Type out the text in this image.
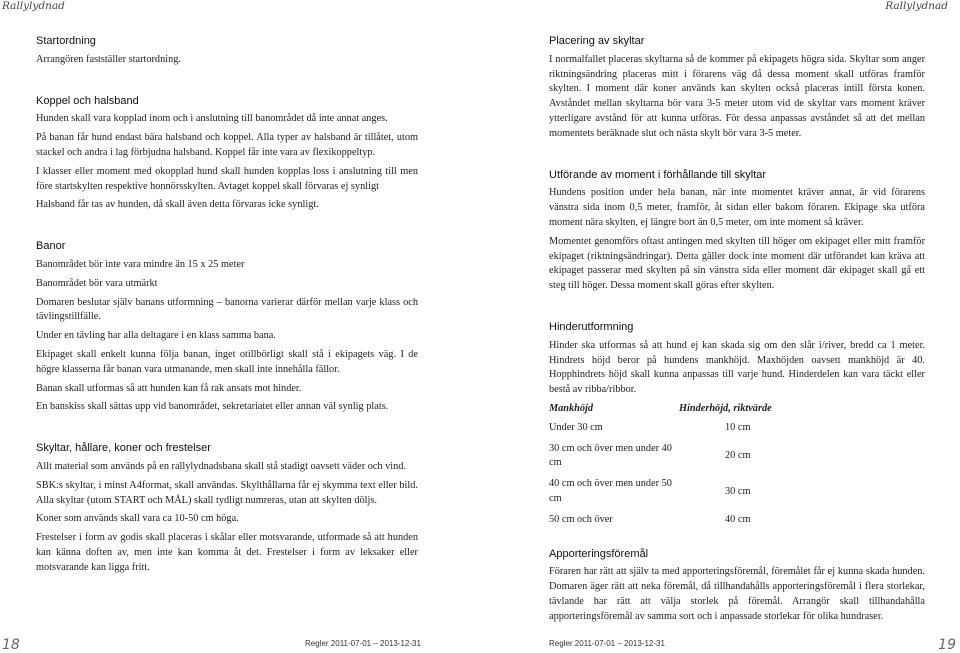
Rallylydnad	Rallylydnad
Startordning

Arrangören fastställer startordning.

Koppel och halsband

Hunden skall vara kopplad inom och i anslutning till banområdet då inte annat anges.

På banan får hund endast bära halsband och koppel. Alla typer av halsband är tillåtet, utom stackel och andra i lag förbjudna halsband. Koppel får inte vara av flexikoppeltyp.

I klasser eller moment med okopplad hund skall hunden kopplas loss i anslutning till men före startskylten respektive honnörsskylten. Avtaget koppel skall förvaras ej synligt

Halsband får tas av hunden, då skall även detta förvaras icke synligt.

Banor

Banområdet bör inte vara mindre än 15 x 25 meter

Banområdet bör vara utmärkt

Domaren beslutar själv banans utformning – banorna varierar därför mellan varje klass och tävlingstillfälle.

Under en tävling har alla deltagare i en klass samma bana.

Ekipaget skall enkelt kunna följa banan, inget otillbörligt skall stå i ekipagets väg. I de högre klasserna får banan vara utmanande, men skall inte innehålla fällor.

Banan skall utformas så att hunden kan få rak ansats mot hinder.

En banskiss skall sättas upp vid banområdet, sekretariatet eller annan väl synlig plats.

Skyltar, hållare, koner och frestelser

Allt material som används på en rallylydnadsbana skall stå stadigt oavsett väder och vind.

SBK:s skyltar, i minst A4format, skall användas. Skylthållarna får ej skymma text eller bild. Alla skyltar (utom START och MÅL) skall tydligt numreras, utan att skylten döljs.

Koner som används skall vara ca 10-50 cm höga.

Frestelser i form av godis skall placeras i skålar eller motsvarande, utformade så att hunden kan känna doften av, men inte kan komma åt det. Frestelser i form av leksaker eller motsvarande kan ligga fritt.

Placering av skyltar

I normalfallet placeras skyltarna så de kommer på ekipagets högra sida. Skyltar som anger riktningsändring placeras mitt i förarens väg då dessa moment skall utföras framför skylten. I moment där koner används kan skylten också placeras intill första konen. Avståndet mellan skyltarna bör vara 3-5 meter utom vid de skyltar vars moment kräver ytterligare avstånd för att kunna utföras. För dessa anpassas avståndet så att det mellan momentets beräknade slut och nästa skylt bör vara 3-5 meter.

Utförande av moment i förhållande till skyltar

Hundens position under hela banan, när inte momentet kräver annat, är vid förarens vänstra sida inom 0,5 meter, framför, åt sidan eller bakom föraren. Ekipage ska utföra moment nära skylten, ej längre bort än 0,5 meter, om inte moment så kräver.

Momentet genomförs oftast antingen med skylten till höger om ekipaget eller mitt framför ekipaget (riktningsändringar). Detta gäller dock inte moment där utförandet kan kräva att ekipaget passerar med skylten på sin vänstra sida eller moment där ekipaget skall gå ett steg till höger. Dessa moment skall göras efter skylten.

Hinderutformning

Hinder ska utformas så att hund ej kan skada sig om den slår i/river, bredd ca 1 meter. Hindrets höjd beror på hundens mankhöjd. Maxhöjden oavsett mankhöjd är 40. Hopphindrets höjd skall kunna anpassas till varje hund. Hinderdelen kan vara täckt eller bestå av ribba/ribbor.

Mankhöjd	Hinderhöjd, riktvärde
Under 30 cm	10 cm
30 cm och över men under 40 cm	20 cm
40 cm och över men under 50 cm	30 cm
50 cm och över	40 cm
Apporteringsföremål

Föraren har rätt att själv ta med apporteringsföremål, föremålet får ej kunna skada hunden. Domaren äger rätt att neka föremål, då tillhandahålls apporteringsföremål i flera storlekar, tävlande har rätt att välja storlek på föremål. Arrangör skall tillhandahålla apporteringsföremål av samma sort och i anpassade storlekar för olika hundraser.

18	Regler 2011-07-01 – 2013-12-31	Regler 2011-07-01 – 2013-12-31	19
